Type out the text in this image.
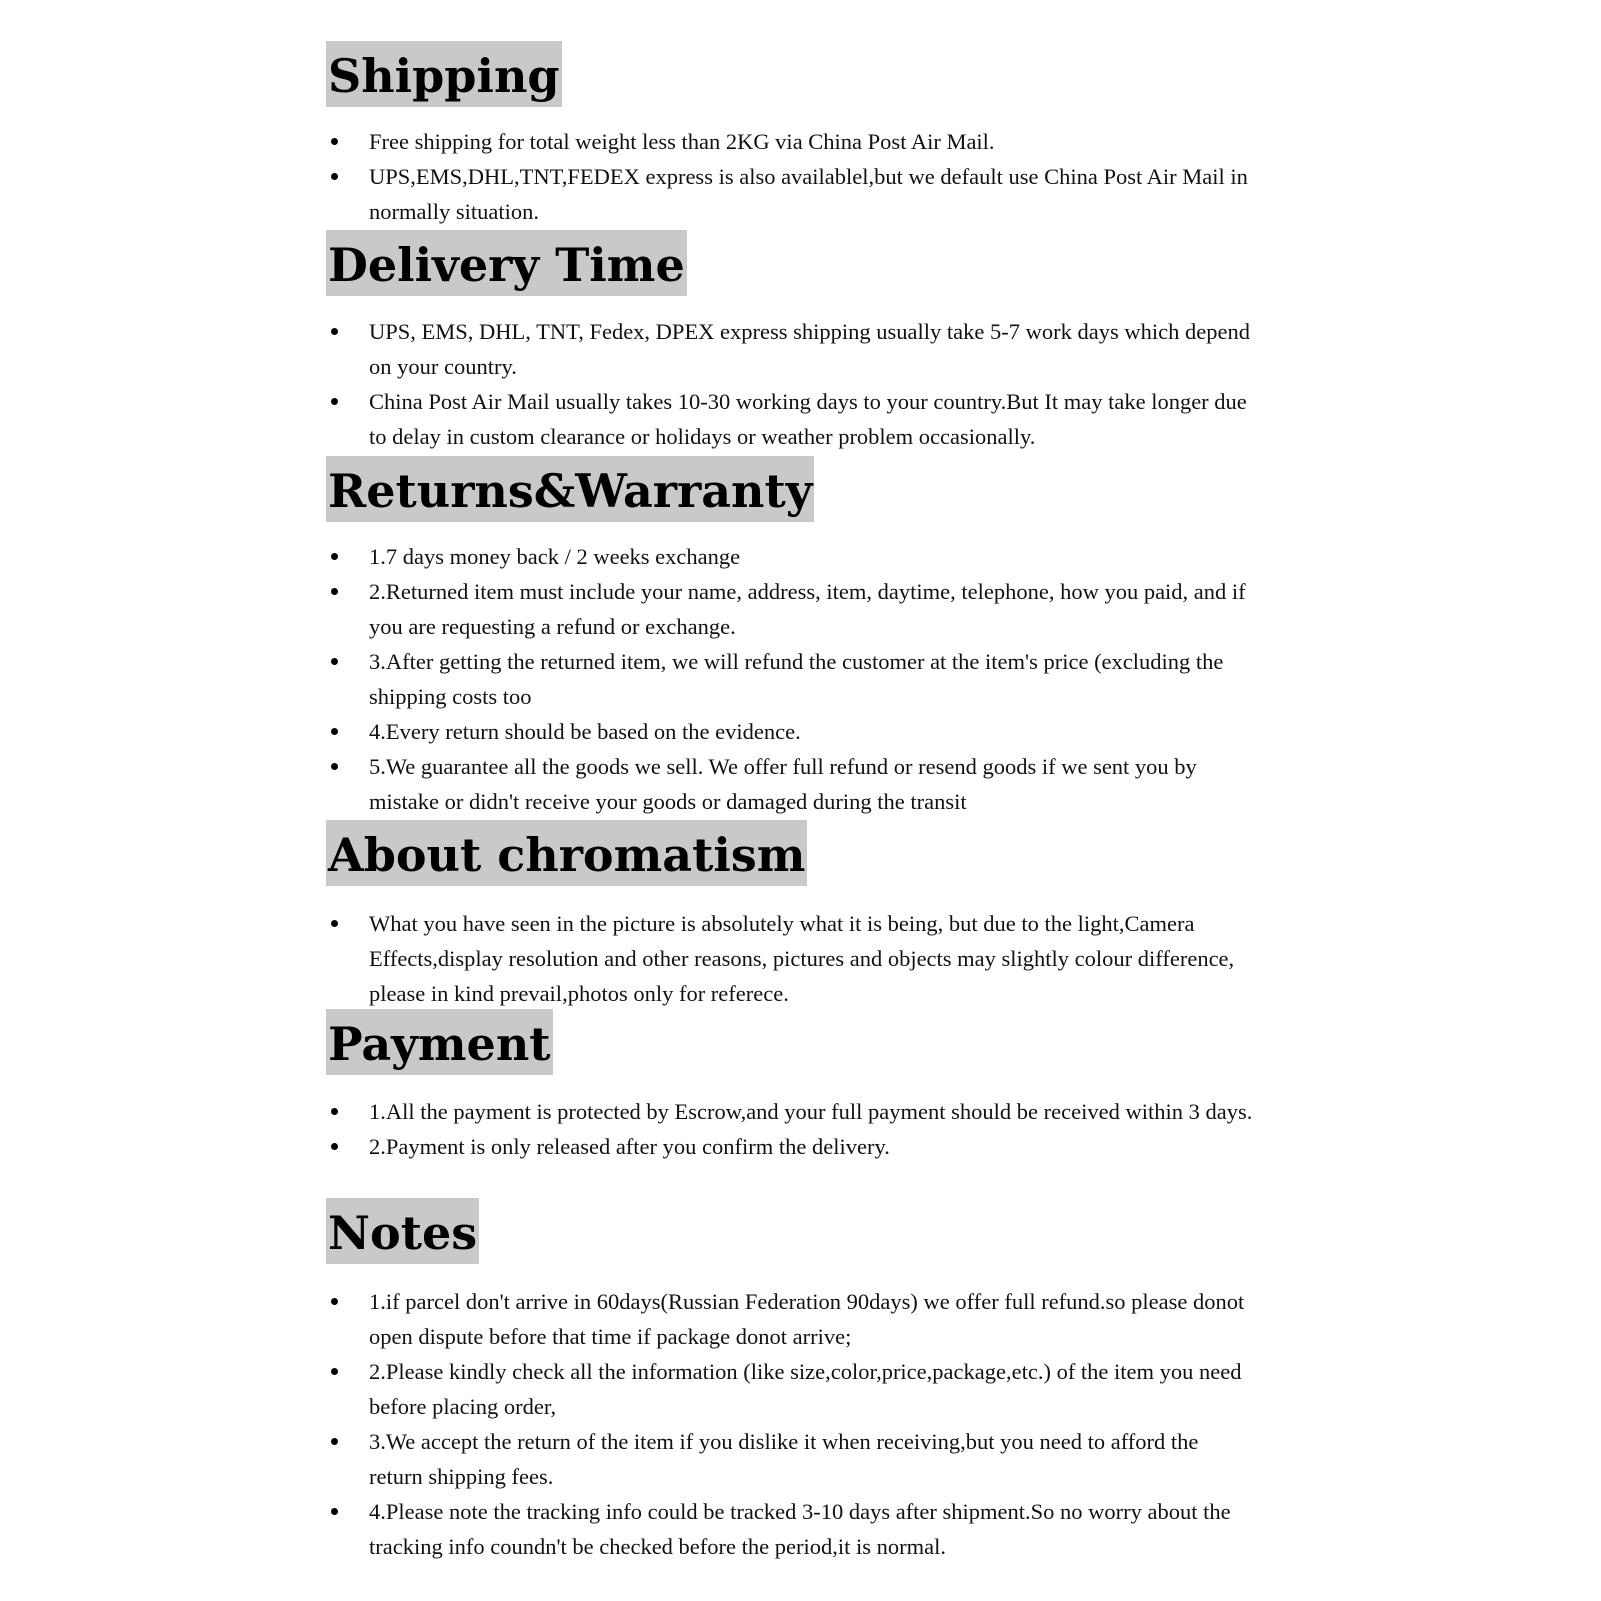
Shipping
Free shipping for total weight less than 2KG via China Post Air Mail.
UPS,EMS,DHL,TNT,FEDEX express is also availablel,but we default use China Post Air Mail in normally situation.
Delivery Time
UPS, EMS, DHL, TNT, Fedex, DPEX express shipping usually take 5-7 work days which depend on your country.
China Post Air Mail usually takes 10-30 working days to your country.But It may take longer due to delay in custom clearance or holidays or weather problem occasionally.
Returns&Warranty
1.7 days money back / 2 weeks exchange
2.Returned item must include your name, address, item, daytime, telephone, how you paid, and if you are requesting a refund or exchange.
3.After getting the returned item, we will refund the customer at the item's price (excluding the shipping costs too
4.Every return should be based on the evidence.
5.We guarantee all the goods we sell. We offer full refund or resend goods if we sent you by mistake or didn't receive your goods or damaged during the transit
About chromatism
What you have seen in the picture is absolutely what it is being, but due to the light,Camera Effects,display resolution and other reasons, pictures and objects may slightly colour difference, please in kind prevail,photos only for referece.
Payment
1.All the payment is protected by Escrow,and your full payment should be received within 3 days.
2.Payment is only released after you confirm the delivery.
Notes
1.if parcel don't arrive in 60days(Russian Federation 90days) we offer full refund.so please donot open dispute before that time if package donot arrive;
2.Please kindly check all the information (like size,color,price,package,etc.) of the item you need before placing order,
3.We accept the return of the item if you dislike it when receiving,but you need to afford the return shipping fees.
4.Please note the tracking info could be tracked 3-10 days after shipment.So no worry about the tracking info coundn't be checked before the period,it is normal.
